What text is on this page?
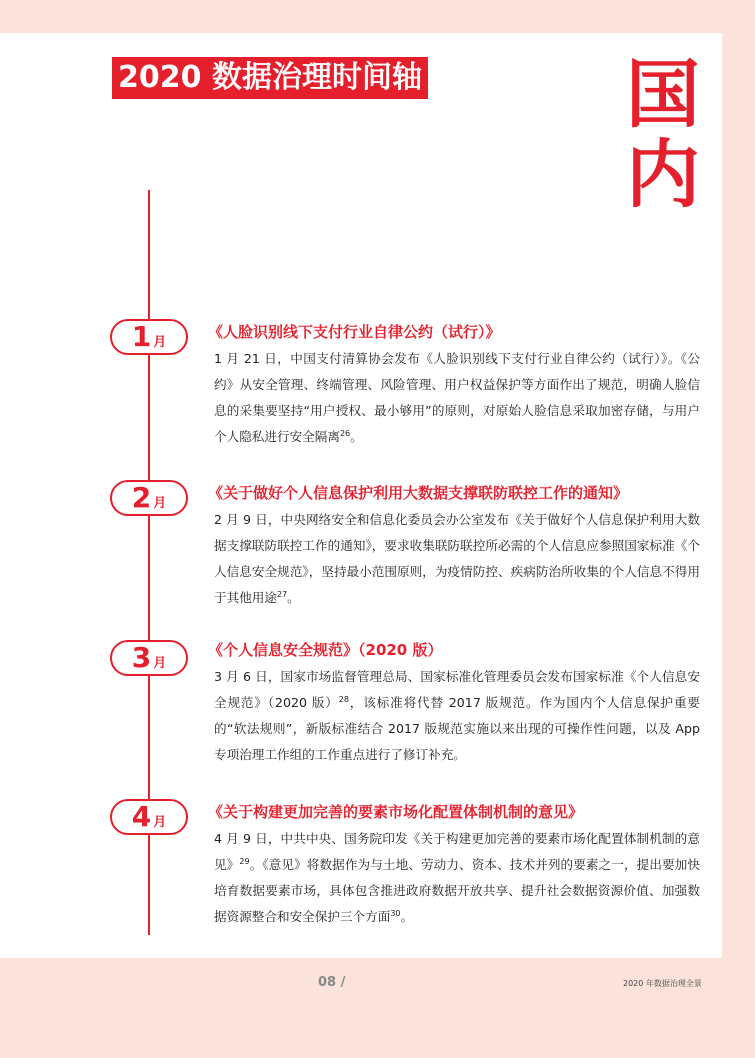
2020 数据治理时间轴	国内
1 月
《人脸识别线下支付行业自律公约（试行）》

1 月 21 日，中国支付清算协会发布《人脸识别线下支付行业自律公约（试行）》。《公约》从安全管理、终端管理、风险管理、用户权益保护等方面作出了规范，明确人脸信息的采集要坚持“用户授权、最小够用”的原则，对原始人脸信息采取加密存储，与用户个人隐私进行安全隔离$^{26}$。

2 月
《关于做好个人信息保护利用大数据支撑联防联控工作的通知》

2 月 9 日，中央网络安全和信息化委员会办公室发布《关于做好个人信息保护利用大数据支撑联防联控工作的通知》，要求收集联防联控所必需的个人信息应参照国家标准《个人信息安全规范》，坚持最小范围原则，为疫情防控、疾病防治所收集的个人信息不得用于其他用途$^{27}$。

3 月
《个人信息安全规范》（2020 版）

3 月 6 日，国家市场监督管理总局、国家标准化管理委员会发布国家标准《个人信息安全规范》（2020 版）$^{28}$，该标准将代替 2017 版规范。作为国内个人信息保护重要的“软法规则”，新版标准结合 2017 版规范实施以来出现的可操作性问题，以及 App 专项治理工作组的工作重点进行了修订补充。

4 月
《关于构建更加完善的要素市场化配置体制机制的意见》

4 月 9 日，中共中央、国务院印发《关于构建更加完善的要素市场化配置体制机制的意见》$^{29}$。《意见》将数据作为与土地、劳动力、资本、技术并列的要素之一，提出要加快培育数据要素市场，具体包含推进政府数据开放共享、提升社会数据资源价值、加强数据资源整合和安全保护三个方面$^{30}$。

08 /	2020 年数据治理全景
